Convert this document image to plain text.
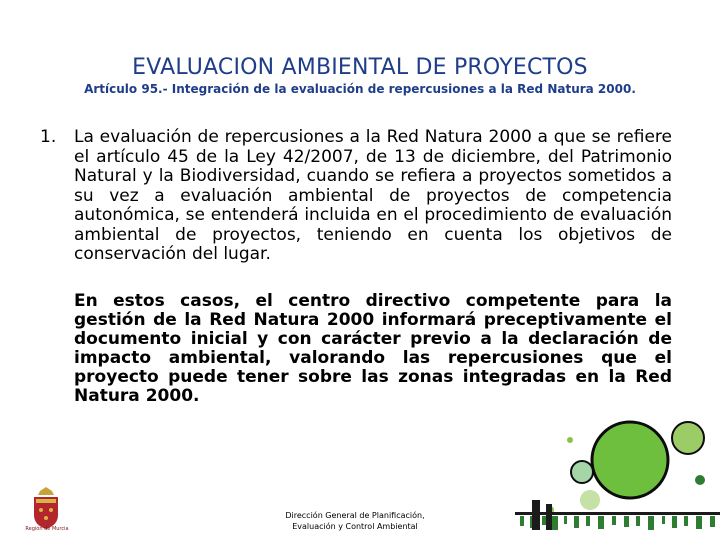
EVALUACION AMBIENTAL DE PROYECTOS
Artículo 95.- Integración de la evaluación de repercusiones a la Red Natura 2000.
1.	La evaluación de repercusiones a la Red Natura 2000 a que se refiere el artículo 45 de la Ley 42/2007, de 13 de diciembre, del Patrimonio Natural y la Biodiversidad, cuando se refiera a proyectos sometidos a su vez a evaluación ambiental de proyectos de competencia autonómica, se entenderá incluida en el procedimiento de evaluación ambiental de proyectos, teniendo en cuenta los objetivos de conservación del lugar.
En estos casos, el centro directivo competente para la gestión de la Red Natura 2000 informará preceptivamente el documento inicial y con carácter previo a la declaración de impacto ambiental, valorando las repercusiones que el proyecto puede tener sobre las zonas integradas en la Red Natura 2000.
Región de Murcia
Dirección General de Planificación,
Evaluación y Control Ambiental
